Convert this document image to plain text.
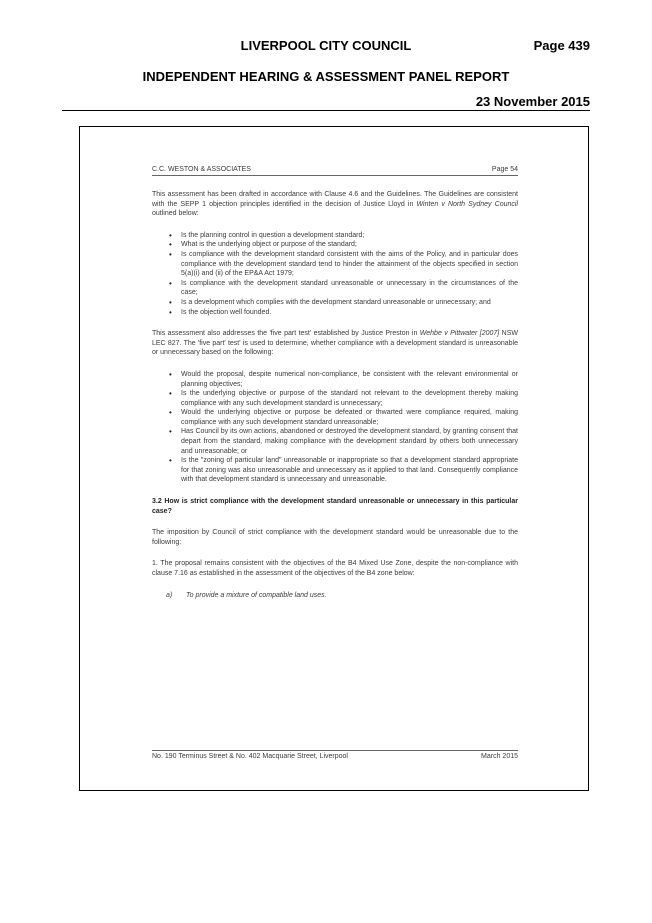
LIVERPOOL CITY COUNCIL	Page 439
INDEPENDENT HEARING & ASSESSMENT PANEL REPORT
23 November 2015
C.C. WESTON & ASSOCIATES	Page 54

This assessment has been drafted in accordance with Clause 4.6 and the Guidelines. The Guidelines are consistent with the SEPP 1 objection principles identified in the decision of Justice Lloyd in Winten v North Sydney Council outlined below:

• Is the planning control in question a development standard;
• What is the underlying object or purpose of the standard;
• Is compliance with the development standard consistent with the aims of the Policy, and in particular does compliance with the development standard tend to hinder the attainment of the objects specified in section 5(a)(i) and (ii) of the EP&A Act 1979;
• Is compliance with the development standard unreasonable or unnecessary in the circumstances of the case;
• Is a development which complies with the development standard unreasonable or unnecessary; and
• Is the objection well founded.

This assessment also addresses the 'five part test' established by Justice Preston in Wehbe v Pittwater [2007] NSW LEC 827. The 'five part' test' is used to determine, whether compliance with a development standard is unreasonable or unnecessary based on the following:

• Would the proposal, despite numerical non-compliance, be consistent with the relevant environmental or planning objectives;
• Is the underlying objective or purpose of the standard not relevant to the development thereby making compliance with any such development standard is unnecessary;
• Would the underlying objective or purpose be defeated or thwarted were compliance required, making compliance with any such development standard unreasonable;
• Has Council by its own actions, abandoned or destroyed the development standard, by granting consent that depart from the standard, making compliance with the development standard by others both unnecessary and unreasonable; or
• Is the "zoning of particular land" unreasonable or inappropriate so that a development standard appropriate for that zoning was also unreasonable and unnecessary as it applied to that land. Consequently compliance with that development standard is unnecessary and unreasonable.

3.2 How is strict compliance with the development standard unreasonable or unnecessary in this particular case?

The imposition by Council of strict compliance with the development standard would be unreasonable due to the following:

1. The proposal remains consistent with the objectives of the B4 Mixed Use Zone, despite the non-compliance with clause 7.16 as established in the assessment of the objectives of the B4 zone below:

a)	To provide a mixture of compatible land uses.
No. 190 Terminus Street & No. 402 Macquarie Street, Liverpool	March 2015
